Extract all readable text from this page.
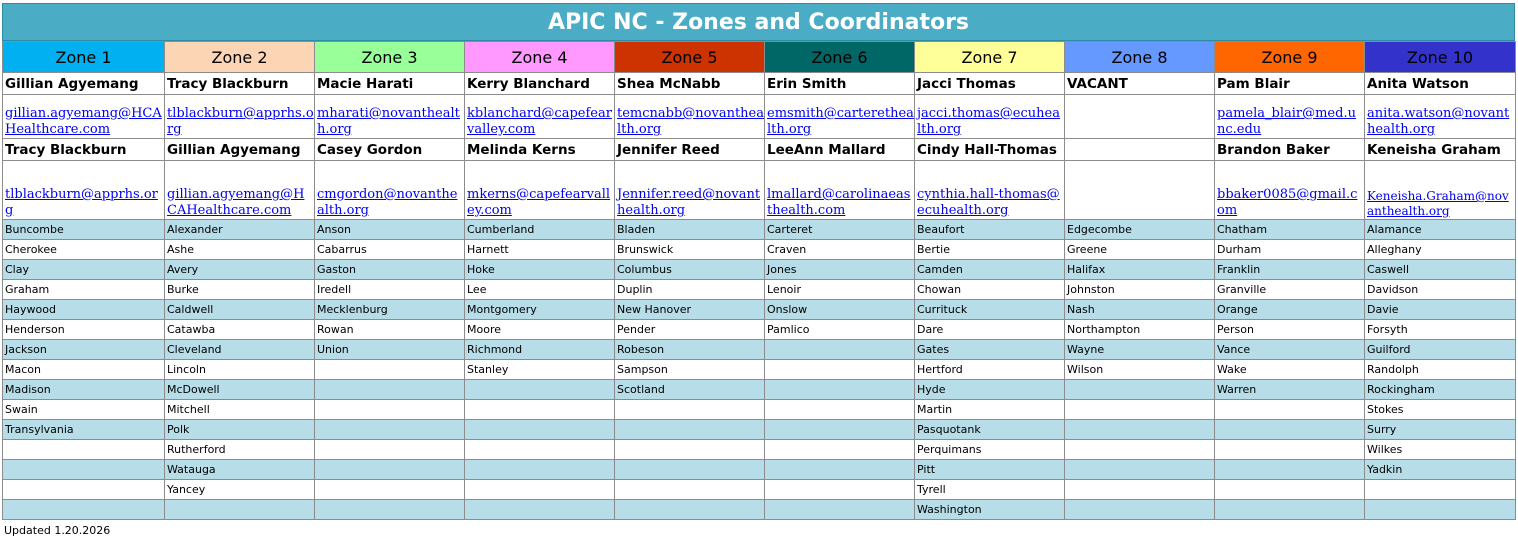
APIC NC - Zones and Coordinators
Zone 1	Zone 2	Zone 3	Zone 4	Zone 5	Zone 6	Zone 7	Zone 8	Zone 9	Zone 10
Gillian Agyemang	Tracy Blackburn	Macie Harati	Kerry Blanchard	Shea McNabb	Erin Smith	Jacci Thomas	VACANT	Pam Blair	Anita Watson
gillian.agyemang@HCAHealthcare.com	tlblackburn@apprhs.org	mharati@novanthealth.org	kblanchard@capefearvalley.com	temcnabb@novanthealth.org	emsmith@carterethealth.org	jacci.thomas@ecuhealth.org		pamela_blair@med.unc.edu	anita.watson@novanthealth.org
Tracy Blackburn	Gillian Agyemang	Casey Gordon	Melinda Kerns	Jennifer Reed	LeeAnn Mallard	Cindy Hall-Thomas		Brandon Baker	Keneisha Graham
tlblackburn@apprhs.org	gillian.agyemang@HCAHealthcare.com	cmgordon@novanthealth.org	mkerns@capefearvalley.com	Jennifer.reed@novanthealth.org	lmallard@carolinaeasthealth.com	cynthia.hall-thomas@ecuhealth.org		bbaker0085@gmail.com	Keneisha.Graham@novanthealth.org
Buncombe	Alexander	Anson	Cumberland	Bladen	Carteret	Beaufort	Edgecombe	Chatham	Alamance
Cherokee	Ashe	Cabarrus	Harnett	Brunswick	Craven	Bertie	Greene	Durham	Alleghany
Clay	Avery	Gaston	Hoke	Columbus	Jones	Camden	Halifax	Franklin	Caswell
Graham	Burke	Iredell	Lee	Duplin	Lenoir	Chowan	Johnston	Granville	Davidson
Haywood	Caldwell	Mecklenburg	Montgomery	New Hanover	Onslow	Currituck	Nash	Orange	Davie
Henderson	Catawba	Rowan	Moore	Pender	Pamlico	Dare	Northampton	Person	Forsyth
Jackson	Cleveland	Union	Richmond	Robeson		Gates	Wayne	Vance	Guilford
Macon	Lincoln		Stanley	Sampson		Hertford	Wilson	Wake	Randolph
Madison	McDowell			Scotland		Hyde		Warren	Rockingham
Swain	Mitchell					Martin			Stokes
Transylvania	Polk					Pasquotank			Surry
	Rutherford					Perquimans			Wilkes
	Watauga					Pitt			Yadkin
	Yancey					Tyrell			
						Washington			
Updated 1.20.2026
